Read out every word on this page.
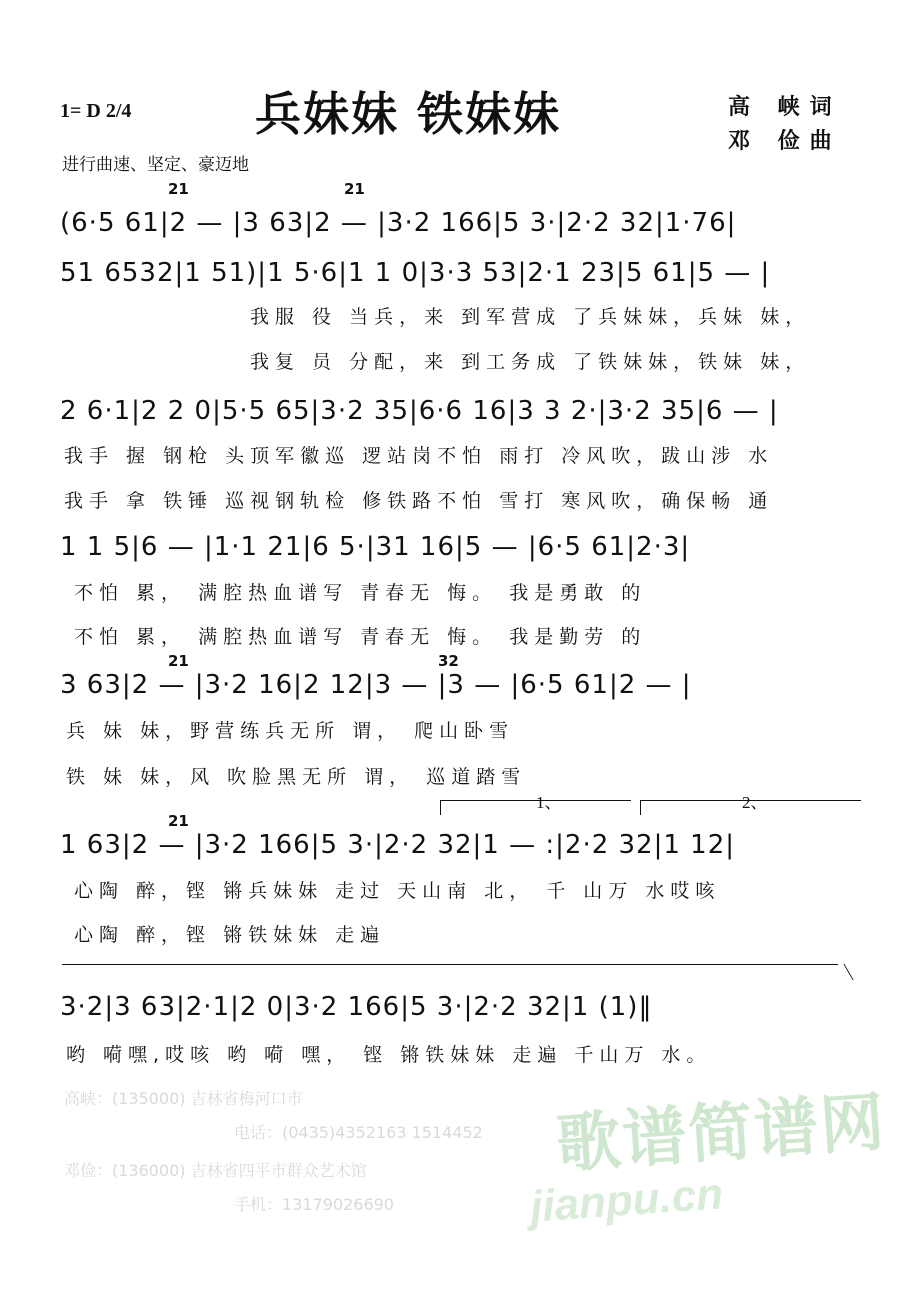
1= D 2/4	兵妹妹 铁妹妹	高 峡词
邓 俭曲
进行曲速、坚定、豪迈地
21	21
(6·5 61|2 — |3 63|2 — |3·2 166|5 3·|2·2 32|1·76|
51 6532|1 51)|1 5·6|1 1 0|3·3 53|2·1 23|5 61|5 — |
我服 役 当兵，来 到军营成 了兵妹妹，兵妹 妹，
我复 员 分配，来 到工务成 了铁妹妹，铁妹 妹，
2 6·1|2 2 0|5·5 65|3·2 35|6·6 16|3 3 2·|3·2 35|6 — |
我手 握 钢枪 头顶军徽巡 逻站岗不怕 雨打 冷风吹，跋山涉 水
我手 拿 铁锤 巡视钢轨检 修铁路不怕 雪打 寒风吹，确保畅 通
1 1 5|6 — |1·1 21|6 5·|31 16|5 — |6·5 61|2·3|
不怕 累， 满腔热血谱写 青春无 悔。 我是勇敢 的
不怕 累， 满腔热血谱写 青春无 悔。 我是勤劳 的
21	32
3 63|2 — |3·2 16|2 12|3 — |3 — |6·5 61|2 — |
兵 妹 妹，野营练兵无所 谓， 爬山卧雪
铁 妹 妹，风 吹脸黑无所 谓， 巡道踏雪
1、	2、
21
1 63|2 — |3·2 166|5 3·|2·2 32|1 — :|2·2 32|1 12|
心陶 醉，铿 锵兵妹妹 走过 天山南 北， 千 山万 水哎咳
心陶 醉，铿 锵铁妹妹 走遍
3·2|3 63|2·1|2 0|3·2 166|5 3·|2·2 32|1 (1)‖
哟 嗬嘿,哎咳 哟 嗬 嘿， 铿 锵铁妹妹 走遍 千山万 水。
高峡：(135000) 吉林省梅河口市
电话：(0435)4352163 1514452
邓俭：(136000) 吉林省四平市群众艺术馆
手机：13179026690
歌谱简谱网
jianpu.cn
